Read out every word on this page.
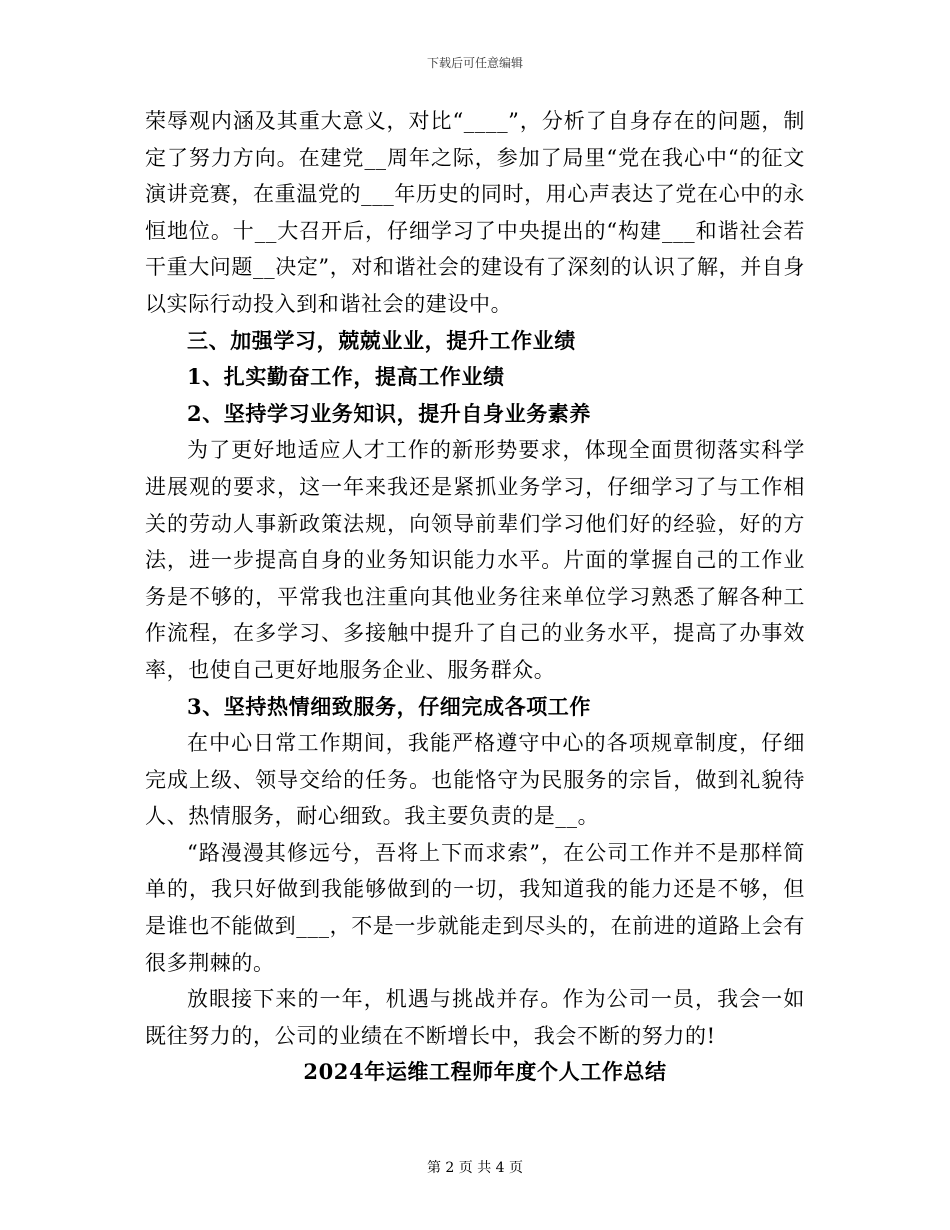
下载后可任意编辑

荣辱观内涵及其重大意义，对比“____”，分析了自身存在的问题，制定了努力方向。在建党__周年之际，参加了局里“党在我心中“的征文演讲竞赛，在重温党的___年历史的同时，用心声表达了党在心中的永恒地位。十__大召开后，仔细学习了中央提出的“构建___和谐社会若干重大问题__决定”，对和谐社会的建设有了深刻的认识了解，并自身以实际行动投入到和谐社会的建设中。

三、加强学习，兢兢业业，提升工作业绩

1、扎实勤奋工作，提高工作业绩

2、坚持学习业务知识，提升自身业务素养

为了更好地适应人才工作的新形势要求，体现全面贯彻落实科学进展观的要求，这一年来我还是紧抓业务学习，仔细学习了与工作相关的劳动人事新政策法规，向领导前辈们学习他们好的经验，好的方法，进一步提高自身的业务知识能力水平。片面的掌握自己的工作业务是不够的，平常我也注重向其他业务往来单位学习熟悉了解各种工作流程，在多学习、多接触中提升了自己的业务水平，提高了办事效率，也使自己更好地服务企业、服务群众。

3、坚持热情细致服务，仔细完成各项工作

在中心日常工作期间，我能严格遵守中心的各项规章制度，仔细完成上级、领导交给的任务。也能恪守为民服务的宗旨，做到礼貌待人、热情服务，耐心细致。我主要负责的是__。

“路漫漫其修远兮，吾将上下而求索”，在公司工作并不是那样简单的，我只好做到我能够做到的一切，我知道我的能力还是不够，但是谁也不能做到___，不是一步就能走到尽头的，在前进的道路上会有很多荆棘的。

放眼接下来的一年，机遇与挑战并存。作为公司一员，我会一如既往努力的，公司的业绩在不断增长中，我会不断的努力的!

2024年运维工程师年度个人工作总结

第 2 页 共 4 页
